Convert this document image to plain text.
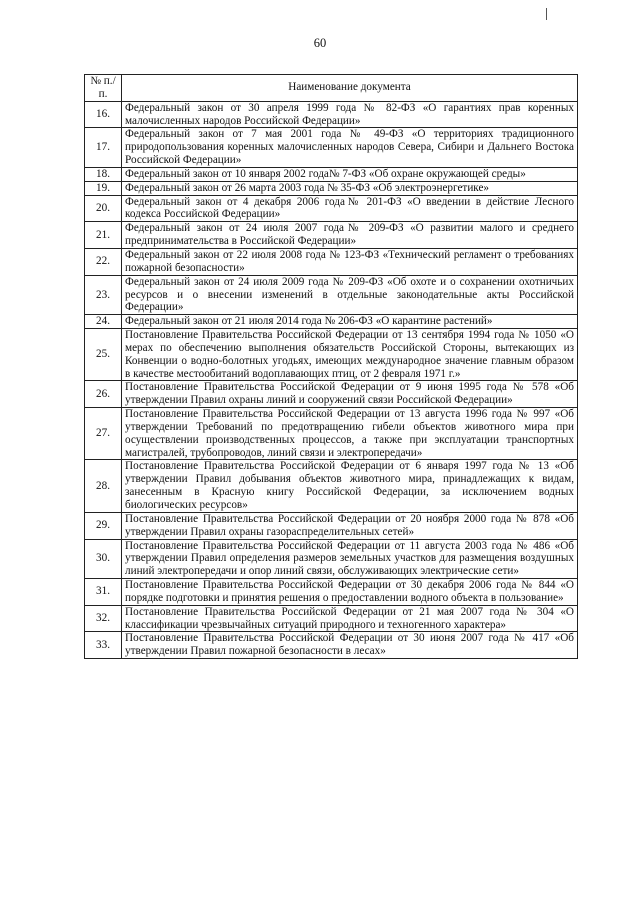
60
№ п./п.	Наименование документа
16.	Федеральный закон от 30 апреля 1999 года № 82-ФЗ «О гарантиях прав коренных малочисленных народов Российской Федерации»
17.	Федеральный закон от 7 мая 2001 года № 49-ФЗ «О территориях традиционного природопользования коренных малочисленных народов Севера, Сибири и Дальнего Востока Российской Федерации»
18.	Федеральный закон от 10 января 2002 года№ 7-ФЗ «Об охране окружающей среды»
19.	Федеральный закон от 26 марта 2003 года № 35-ФЗ «Об электроэнергетике»
20.	Федеральный закон от 4 декабря 2006 года№ 201-ФЗ «О введении в действие Лесного кодекса Российской Федерации»
21.	Федеральный закон от 24 июля 2007 года№ 209-ФЗ «О развитии малого и среднего предпринимательства в Российской Федерации»
22.	Федеральный закон от 22 июля 2008 года № 123-ФЗ «Технический регламент о требованиях пожарной безопасности»
23.	Федеральный закон от 24 июля 2009 года № 209-ФЗ «Об охоте и о сохранении охотничьих ресурсов и о внесении изменений в отдельные законодательные акты Российской Федерации»
24.	Федеральный закон от 21 июля 2014 года № 206-ФЗ «О карантине растений»
25.	Постановление Правительства Российской Федерации от 13 сентября 1994 года № 1050 «О мерах по обеспечению выполнения обязательств Российской Стороны, вытекающих из Конвенции о водно-болотных угодьях, имеющих международное значение главным образом в качестве местообитаний водоплавающих птиц, от 2 февраля 1971 г.»
26.	Постановление Правительства Российской Федерации от 9 июня 1995 года № 578 «Об утверждении Правил охраны линий и сооружений связи Российской Федерации»
27.	Постановление Правительства Российской Федерации от 13 августа 1996 года № 997 «Об утверждении Требований по предотвращению гибели объектов животного мира при осуществлении производственных процессов, а также при эксплуатации транспортных магистралей, трубопроводов, линий связи и электропередачи»
28.	Постановление Правительства Российской Федерации от 6 января 1997 года № 13 «Об утверждении Правил добывания объектов животного мира, принадлежащих к видам, занесенным в Красную книгу Российской Федерации, за исключением водных биологических ресурсов»
29.	Постановление Правительства Российской Федерации от 20 ноября 2000 года № 878 «Об утверждении Правил охраны газораспределительных сетей»
30.	Постановление Правительства Российской Федерации от 11 августа 2003 года № 486 «Об утверждении Правил определения размеров земельных участков для размещения воздушных линий электропередачи и опор линий связи, обслуживающих электрические сети»
31.	Постановление Правительства Российской Федерации от 30 декабря 2006 года № 844 «О порядке подготовки и принятия решения о предоставлении водного объекта в пользование»
32.	Постановление Правительства Российской Федерации от 21 мая 2007 года № 304 «О классификации чрезвычайных ситуаций природного и техногенного характера»
33.	Постановление Правительства Российской Федерации от 30 июня 2007 года № 417 «Об утверждении Правил пожарной безопасности в лесах»
